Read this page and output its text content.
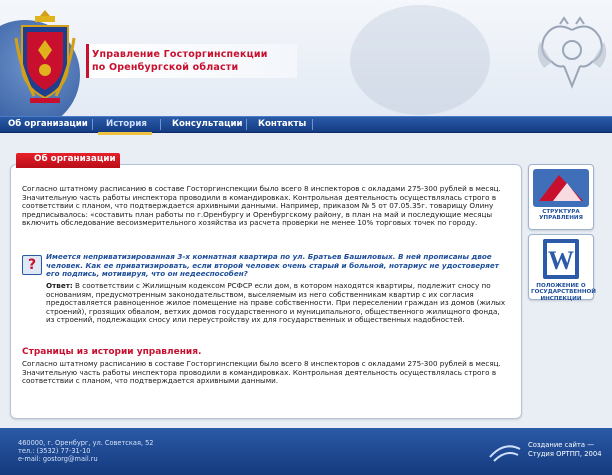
Управление Госторгинспекции
по Оренбургской области
Об организации История	Консультации Контакты
Об организации

Согласно штатному расписанию в составе Госторгинспекции было всего 8 инспекторов с окладами 275-300 рублей в месяц. Значительную часть работы инспектора проводили в командировках. Контрольная деятельность осуществлялась строго в соответствии с планом, что подтверждается архивными данными. Например, приказом № 5 от 07.05.35г. товарищу Олину предписывалось: «составить план работы по г.Оренбургу и Оренбургскому району, в план на май и последующие месяцы включить обследование весоизмерительного хозяйства из расчета проверки не менее 10% торговых точек по городу.

?
Имеется неприватизированная 3-х комнатная квартира по ул. Братьев Башиловых. В ней прописаны двое человек. Как ее приватизировать, если второй человек очень старый и больной, нотариус не удостоверяет его подпись, мотивируя, что он недееспособен?
Ответ: В соответствии с Жилищным кодексом РСФСР если дом, в котором находятся квартиры, подлежит сносу по основаниям, предусмотренным законодательством, выселяемым из него собственникам квартир с их согласия предоставляется равноценное жилое помещение на праве собственности. При переселении граждан из домов (жилых строений), грозящих обвалом, ветхих домов государственного и муниципального, общественного жилищного фонда, из строений, подлежащих сносу или переустройству их для государственных и общественных надобностей.
Страницы из истории управления.

Согласно штатному расписанию в составе Госторгинспекции было всего 8 инспекторов с окладами 275-300 рублей в месяц. Значительную часть работы инспектора проводили в командировках. Контрольная деятельность осуществлялась строго в соответствии с планом, что подтверждается архивными данными.

СТРУКТУРА УПРАВЛЕНИЯ
W
ПОЛОЖЕНИЕ О ГОСУДАРСТВЕННОЙ ИНСПЕКЦИИ
460000, г. Оренбург, ул. Советская, 52
тел.: (3532) 77-31-10
e-mail: gostorg@mail.ru
Создание сайта —
Студия ОРТПП, 2004
